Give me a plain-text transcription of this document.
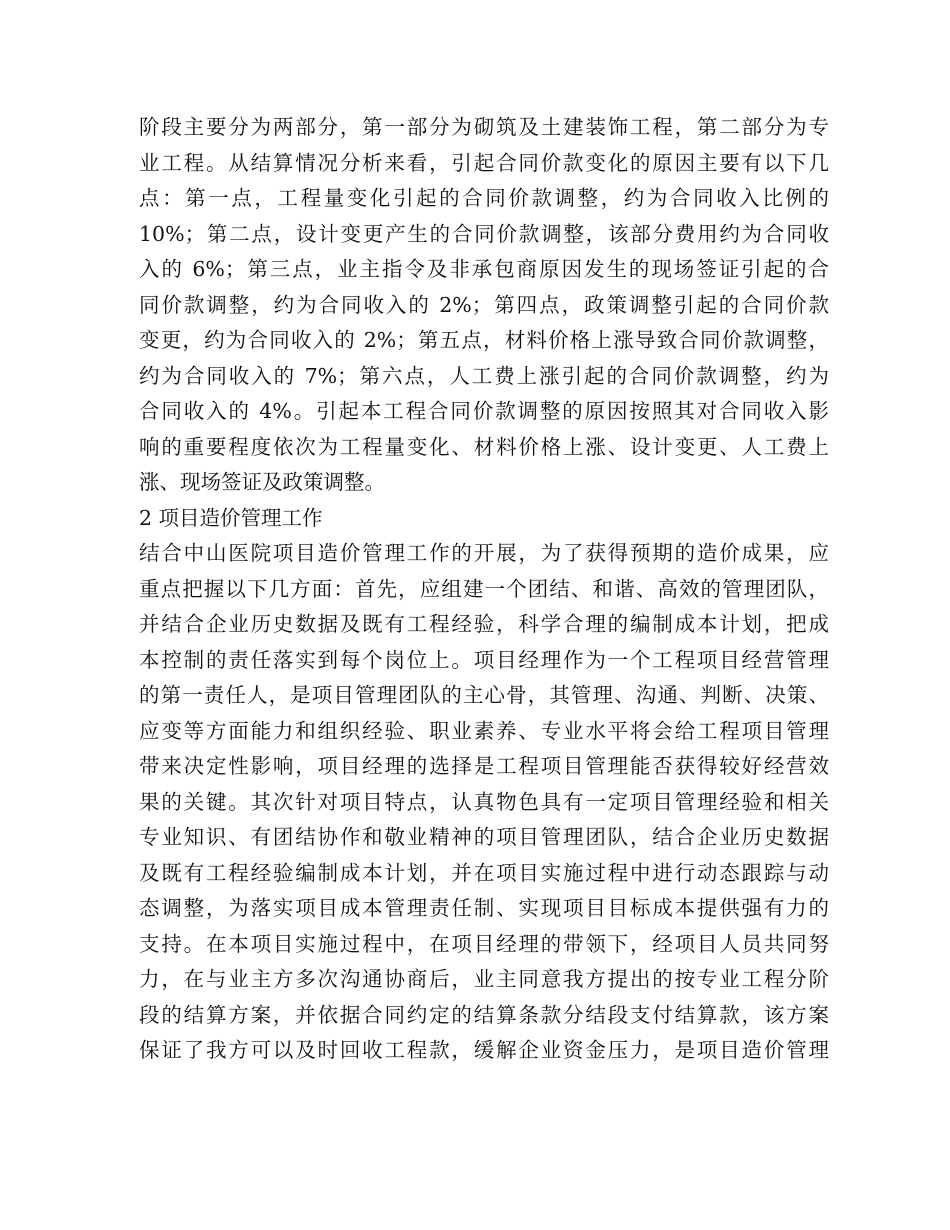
阶段主要分为两部分，第一部分为砌筑及土建装饰工程，第二部分为专
业工程。从结算情况分析来看，引起合同价款变化的原因主要有以下几
点：第一点，工程量变化引起的合同价款调整，约为合同收入比例的
10%；第二点，设计变更产生的合同价款调整，该部分费用约为合同收
入的 6%；第三点，业主指令及非承包商原因发生的现场签证引起的合
同价款调整，约为合同收入的 2%；第四点，政策调整引起的合同价款
变更，约为合同收入的 2%；第五点，材料价格上涨导致合同价款调整，
约为合同收入的 7%；第六点，人工费上涨引起的合同价款调整，约为
合同收入的 4%。引起本工程合同价款调整的原因按照其对合同收入影
响的重要程度依次为工程量变化、材料价格上涨、设计变更、人工费上
涨、现场签证及政策调整。
2 项目造价管理工作
结合中山医院项目造价管理工作的开展，为了获得预期的造价成果，应
重点把握以下几方面：首先，应组建一个团结、和谐、高效的管理团队，
并结合企业历史数据及既有工程经验，科学合理的编制成本计划，把成
本控制的责任落实到每个岗位上。项目经理作为一个工程项目经营管理
的第一责任人，是项目管理团队的主心骨，其管理、沟通、判断、决策、
应变等方面能力和组织经验、职业素养、专业水平将会给工程项目管理
带来决定性影响，项目经理的选择是工程项目管理能否获得较好经营效
果的关键。其次针对项目特点，认真物色具有一定项目管理经验和相关
专业知识、有团结协作和敬业精神的项目管理团队，结合企业历史数据
及既有工程经验编制成本计划，并在项目实施过程中进行动态跟踪与动
态调整，为落实项目成本管理责任制、实现项目目标成本提供强有力的
支持。在本项目实施过程中，在项目经理的带领下，经项目人员共同努
力，在与业主方多次沟通协商后，业主同意我方提出的按专业工程分阶
段的结算方案，并依据合同约定的结算条款分结段支付结算款，该方案
保证了我方可以及时回收工程款，缓解企业资金压力，是项目造价管理
